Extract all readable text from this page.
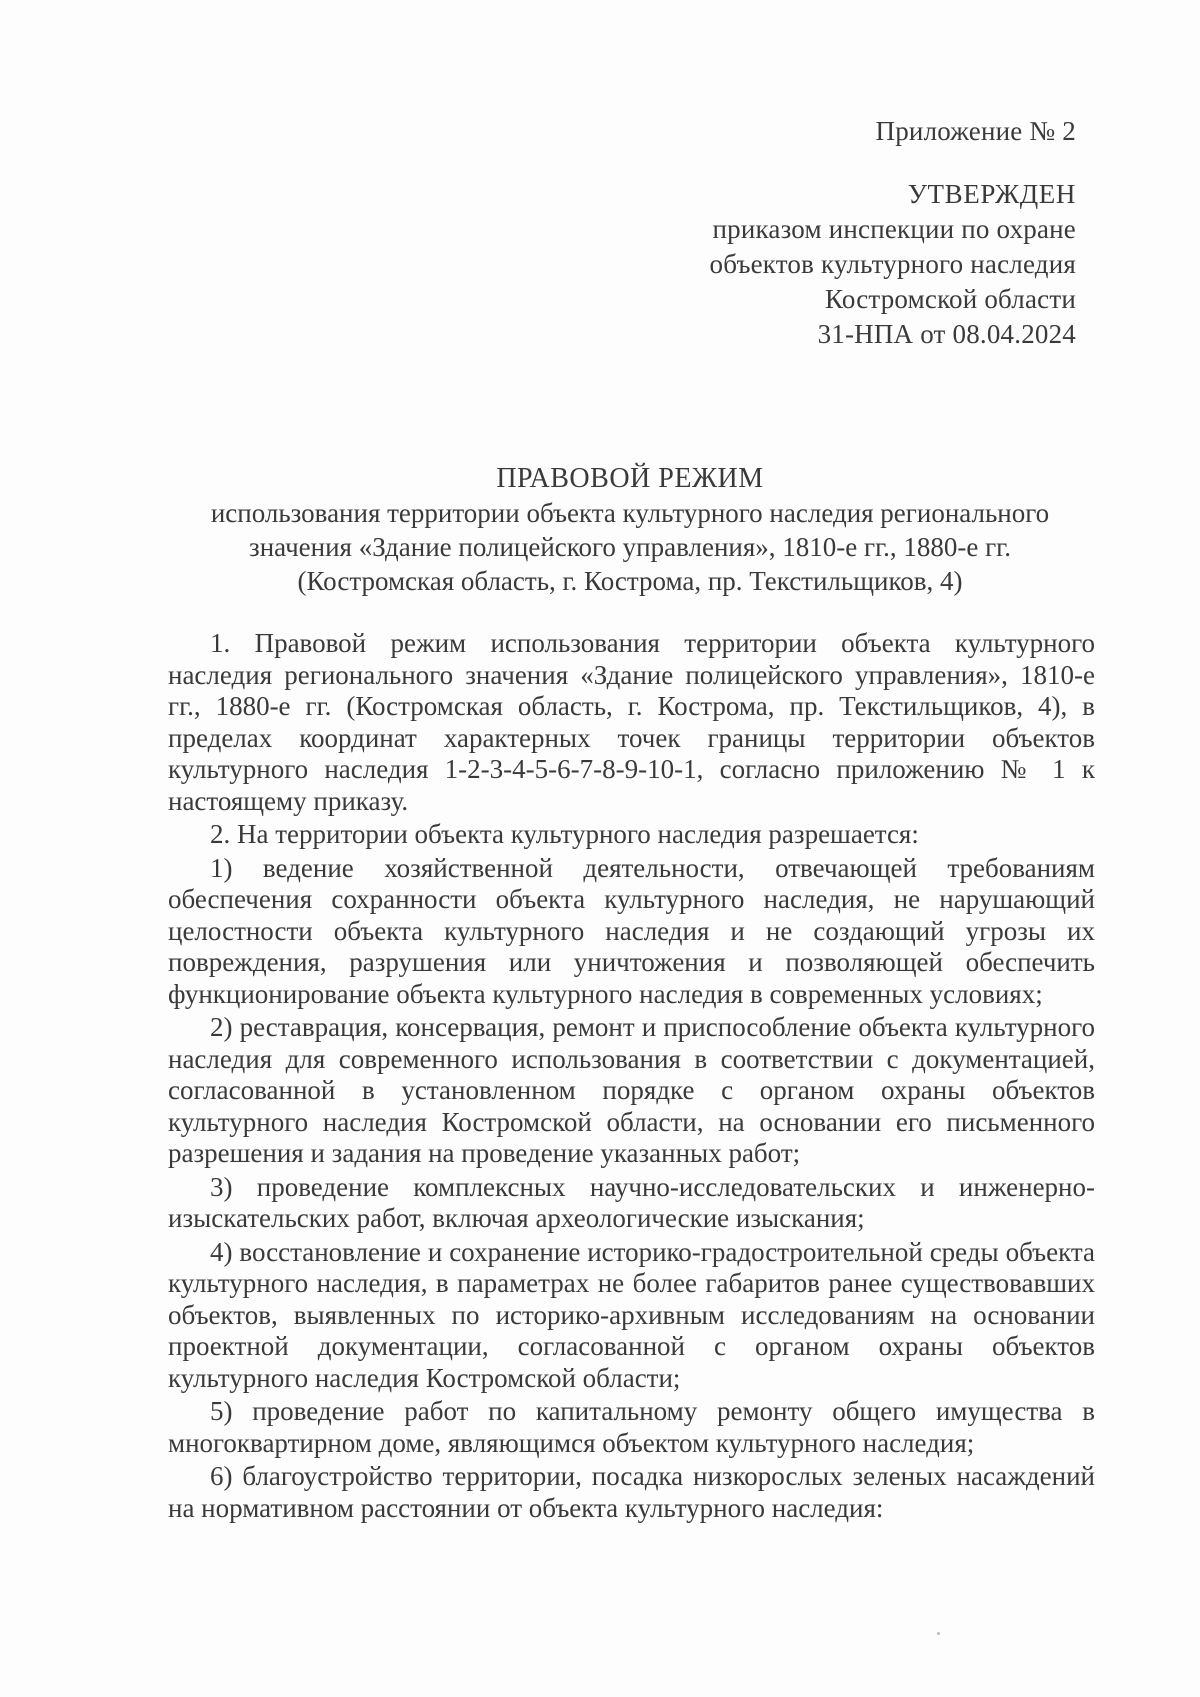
Приложение № 2
УТВЕРЖДЕН
приказом инспекции по охране
объектов культурного наследия
Костромской области
31-НПА от 08.04.2024
ПРАВОВОЙ РЕЖИМ
использования территории объекта культурного наследия регионального
значения «Здание полицейского управления», 1810-е гг., 1880-е гг.
(Костромская область, г. Кострома, пр. Текстильщиков, 4)

1. Правовой режим использования территории объекта культурного наследия регионального значения «Здание полицейского управления», 1810-е гг., 1880-е гг. (Костромская область, г. Кострома, пр. Текстильщиков, 4), в пределах координат характерных точек границы территории объектов культурного наследия 1-2-3-4-5-6-7-8-9-10-1, согласно приложению № 1 к настоящему приказу.

2. На территории объекта культурного наследия разрешается:

1) ведение хозяйственной деятельности, отвечающей требованиям обеспечения сохранности объекта культурного наследия, не нарушающий целостности объекта культурного наследия и не создающий угрозы их повреждения, разрушения или уничтожения и позволяющей обеспечить функционирование объекта культурного наследия в современных условиях;

2) реставрация, консервация, ремонт и приспособление объекта культурного наследия для современного использования в соответствии с документацией, согласованной в установленном порядке с органом охраны объектов культурного наследия Костромской области, на основании его письменного разрешения и задания на проведение указанных работ;

3) проведение комплексных научно-исследовательских и инженерно-изыскательских работ, включая археологические изыскания;

4) восстановление и сохранение историко-градостроительной среды объекта культурного наследия, в параметрах не более габаритов ранее существовавших объектов, выявленных по историко-архивным исследованиям на основании проектной документации, согласованной с органом охраны объектов культурного наследия Костромской области;

5) проведение работ по капитальному ремонту общего имущества в многоквартирном доме, являющимся объектом культурного наследия;

6) благоустройство территории, посадка низкорослых зеленых насаждений на нормативном расстоянии от объекта культурного наследия:
